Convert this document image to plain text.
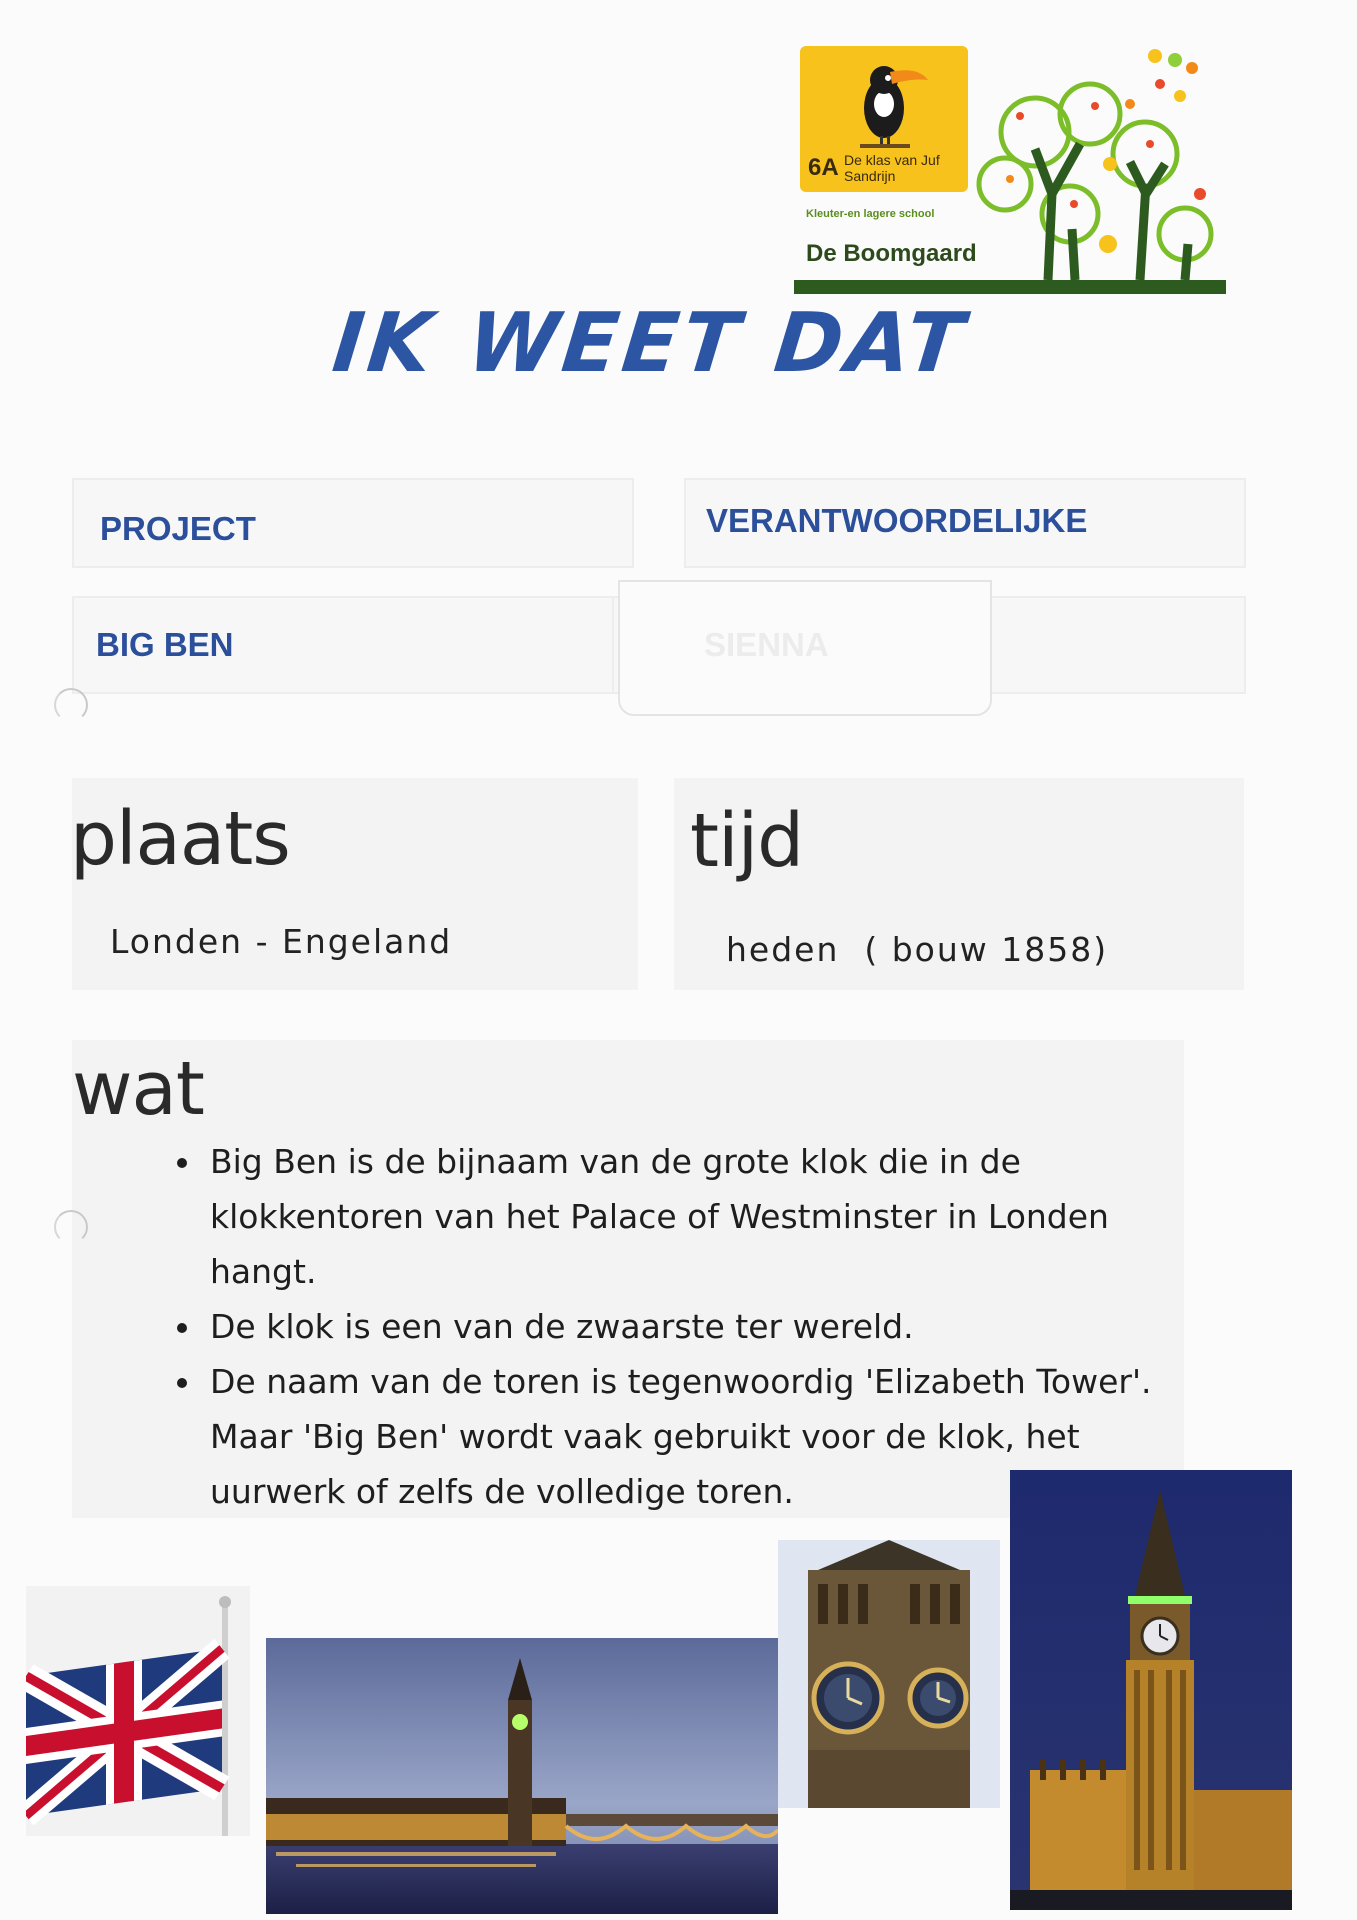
6A De klas van Juf Sandrijn
Kleuter-en lagere school
De Boomgaard
IK WEET DAT
PROJECT	VERANTWOORDELIJKE
BIG BEN	SIENNA
plaats	tijd
Londen - Engeland	heden  ( bouw 1858)
wat
• Big Ben is de bijnaam van de grote klok die in de klokkentoren van het Palace of Westminster in Londen hangt.
• De klok is een van de zwaarste ter wereld.
• De naam van de toren is tegenwoordig 'Elizabeth Tower'. Maar 'Big Ben' wordt vaak gebruikt voor de klok, het uurwerk of zelfs de volledige toren.
